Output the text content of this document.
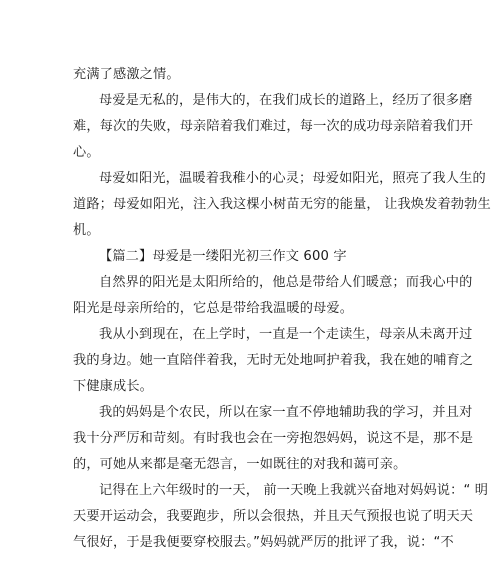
充满了感激之情。
母爱是无私的，是伟大的，在我们成长的道路上，经历了很多磨
难，每次的失败，母亲陪着我们难过，每一次的成功母亲陪着我们开
心。
母爱如阳光，温暖着我稚小的心灵；母爱如阳光，照亮了我人生的
道路；母爱如阳光，注入我这棵小树苗无穷的能量， 让我焕发着勃勃生
机。
【篇二】母爱是一缕阳光初三作文 600 字
自然界的阳光是太阳所给的，他总是带给人们暖意；而我心中的
阳光是母亲所给的，它总是带给我温暖的母爱。
我从小到现在，在上学时，一直是一个走读生，母亲从未离开过
我的身边。她一直陪伴着我，无时无处地呵护着我，我在她的哺育之
下健康成长。
我的妈妈是个农民，所以在家一直不停地辅助我的学习，并且对
我十分严厉和苛刻。有时我也会在一旁抱怨妈妈，说这不是，那不是
的，可她从来都是毫无怨言，一如既往的对我和蔼可亲。
记得在上六年级时的一天， 前一天晚上我就兴奋地对妈妈说：“ 明
天要开运动会，我要跑步，所以会很热，并且天气预报也说了明天天
气很好，于是我便要穿校服去。”妈妈就严厉的批评了我，说：“不
